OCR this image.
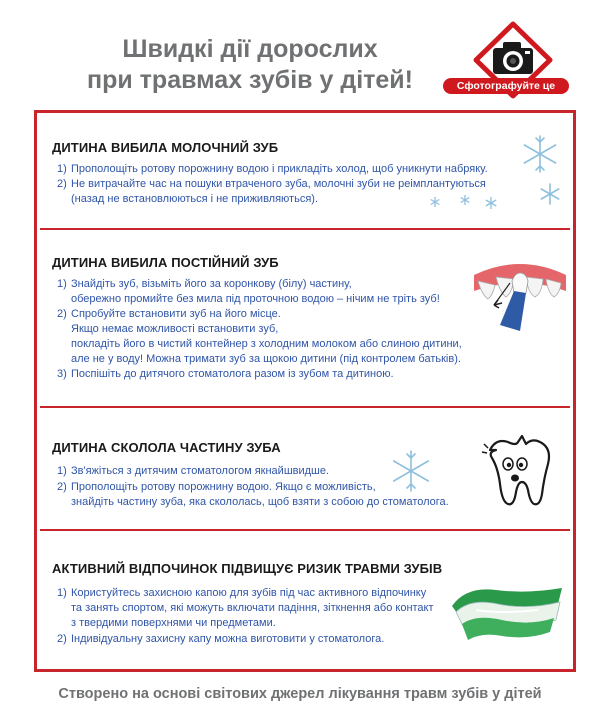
Швидкі дії дорослих
при травмах зубів у дітей!	Сфотографуйте це
ДИТИНА ВИБИЛА МОЛОЧНИЙ ЗУБ
1) Прополощіть ротову порожнину водою і прикладіть холод, щоб уникнути набряку.
2) Не витрачайте час на пошуки втраченого зуба, молочні зуби не реімплантуються
(назад не встановлюються і не приживляються).
ДИТИНА ВИБИЛА ПОСТІЙНИЙ ЗУБ
1) Знайдіть зуб, візьміть його за коронкову (білу) частину,
обережно промийте без мила під проточною водою – нічим не тріть зуб!
2) Спробуйте встановити зуб на його місце.
Якщо немає можливості встановити зуб,
покладіть його в чистий контейнер з холодним молоком або слиною дитини,
але не у воду! Можна тримати зуб за щокою дитини (під контролем батьків).
3) Поспішіть до дитячого стоматолога разом із зубом та дитиною.
ДИТИНА СКОЛОЛА ЧАСТИНУ ЗУБА
1) Зв'яжіться з дитячим стоматологом якнайшвидше.
2) Прополощіть ротову порожнину водою. Якщо є можливість,
знайдіть частину зуба, яка скололась, щоб взяти з собою до стоматолога.
АКТИВНИЙ ВІДПОЧИНОК ПІДВИЩУЄ РИЗИК ТРАВМИ ЗУБІВ
1) Користуйтесь захисною капою для зубів під час активного відпочинку
та занять спортом, які можуть включати падіння, зіткнення або контакт
з твердими поверхнями чи предметами.
2) Індивідуальну захисну капу можна виготовити у стоматолога.
Створено на основі світових джерел лікування травм зубів у дітей
